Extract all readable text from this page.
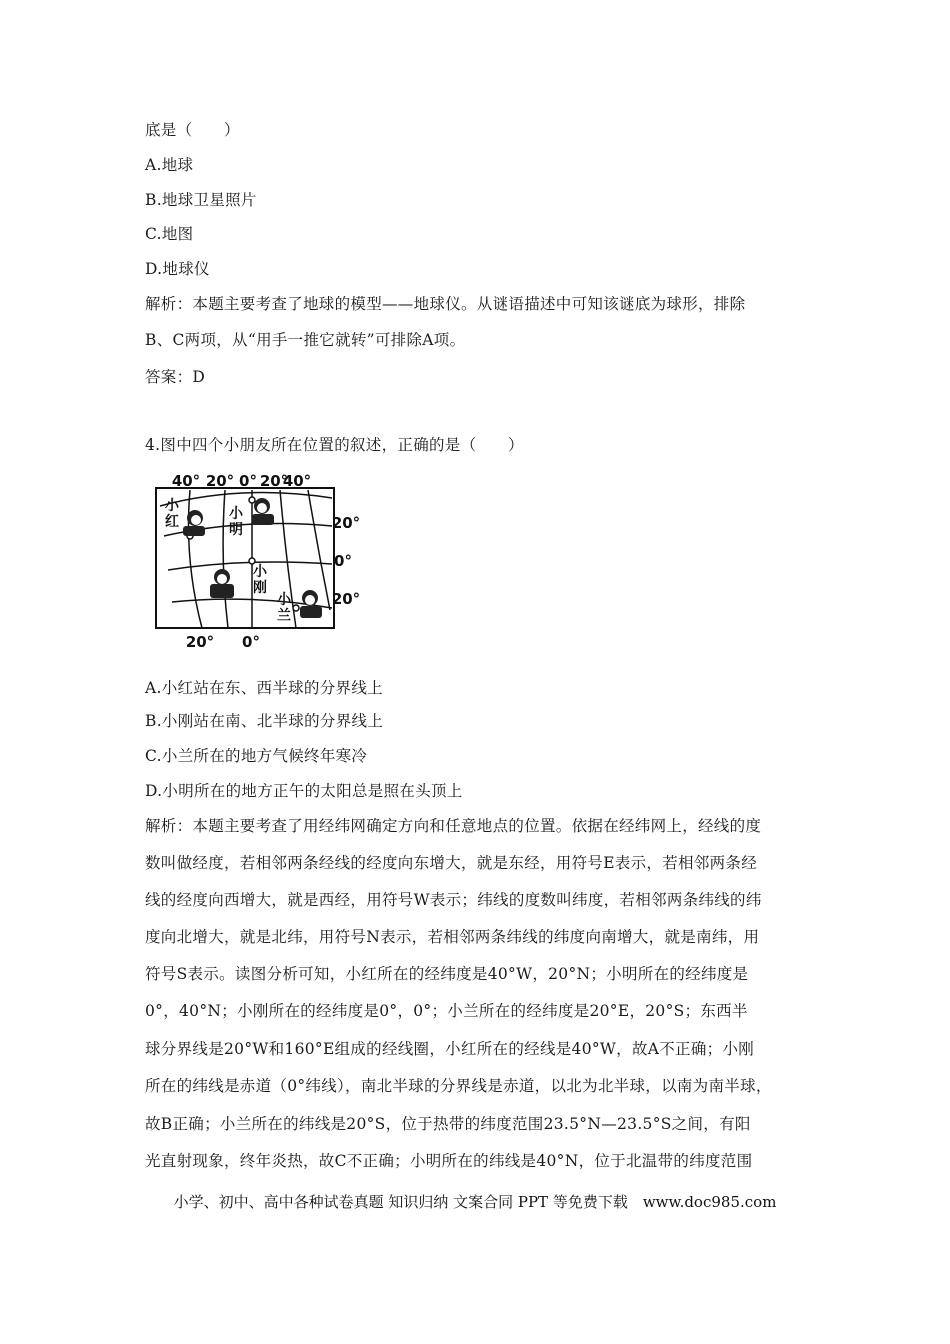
底是（　　）
A.地球
B.地球卫星照片
C.地图
D.地球仪
解析：本题主要考查了地球的模型——地球仪。从谜语描述中可知该谜底为球形，排除
B、C两项，从“用手一推它就转”可排除A项。
答案：D
4.图中四个小朋友所在位置的叙述，正确的是（　　）
40° 20° 0° 20°
40°
20°
0°
20°
20° 0°
小
红	小
明
小
刚
小
兰
A.小红站在东、西半球的分界线上
B.小刚站在南、北半球的分界线上
C.小兰所在的地方气候终年寒冷
D.小明所在的地方正午的太阳总是照在头顶上
解析：本题主要考查了用经纬网确定方向和任意地点的位置。依据在经纬网上，经线的度
数叫做经度，若相邻两条经线的经度向东增大，就是东经，用符号E表示，若相邻两条经
线的经度向西增大，就是西经，用符号W表示；纬线的度数叫纬度，若相邻两条纬线的纬
度向北增大，就是北纬，用符号N表示，若相邻两条纬线的纬度向南增大，就是南纬，用
符号S表示。读图分析可知，小红所在的经纬度是40°W，20°N；小明所在的经纬度是
0°，40°N；小刚所在的经纬度是0°，0°；小兰所在的经纬度是20°E，20°S；东西半
球分界线是20°W和160°E组成的经线圈，小红所在的经线是40°W，故A不正确；小刚
所在的纬线是赤道（0°纬线），南北半球的分界线是赤道，以北为北半球，以南为南半球，
故B正确；小兰所在的纬线是20°S，位于热带的纬度范围23.5°N—23.5°S之间，有阳
光直射现象，终年炎热，故C不正确；小明所在的纬线是40°N，位于北温带的纬度范围
小学、初中、高中各种试卷真题 知识归纳 文案合同 PPT 等免费下载　www.doc985.com
